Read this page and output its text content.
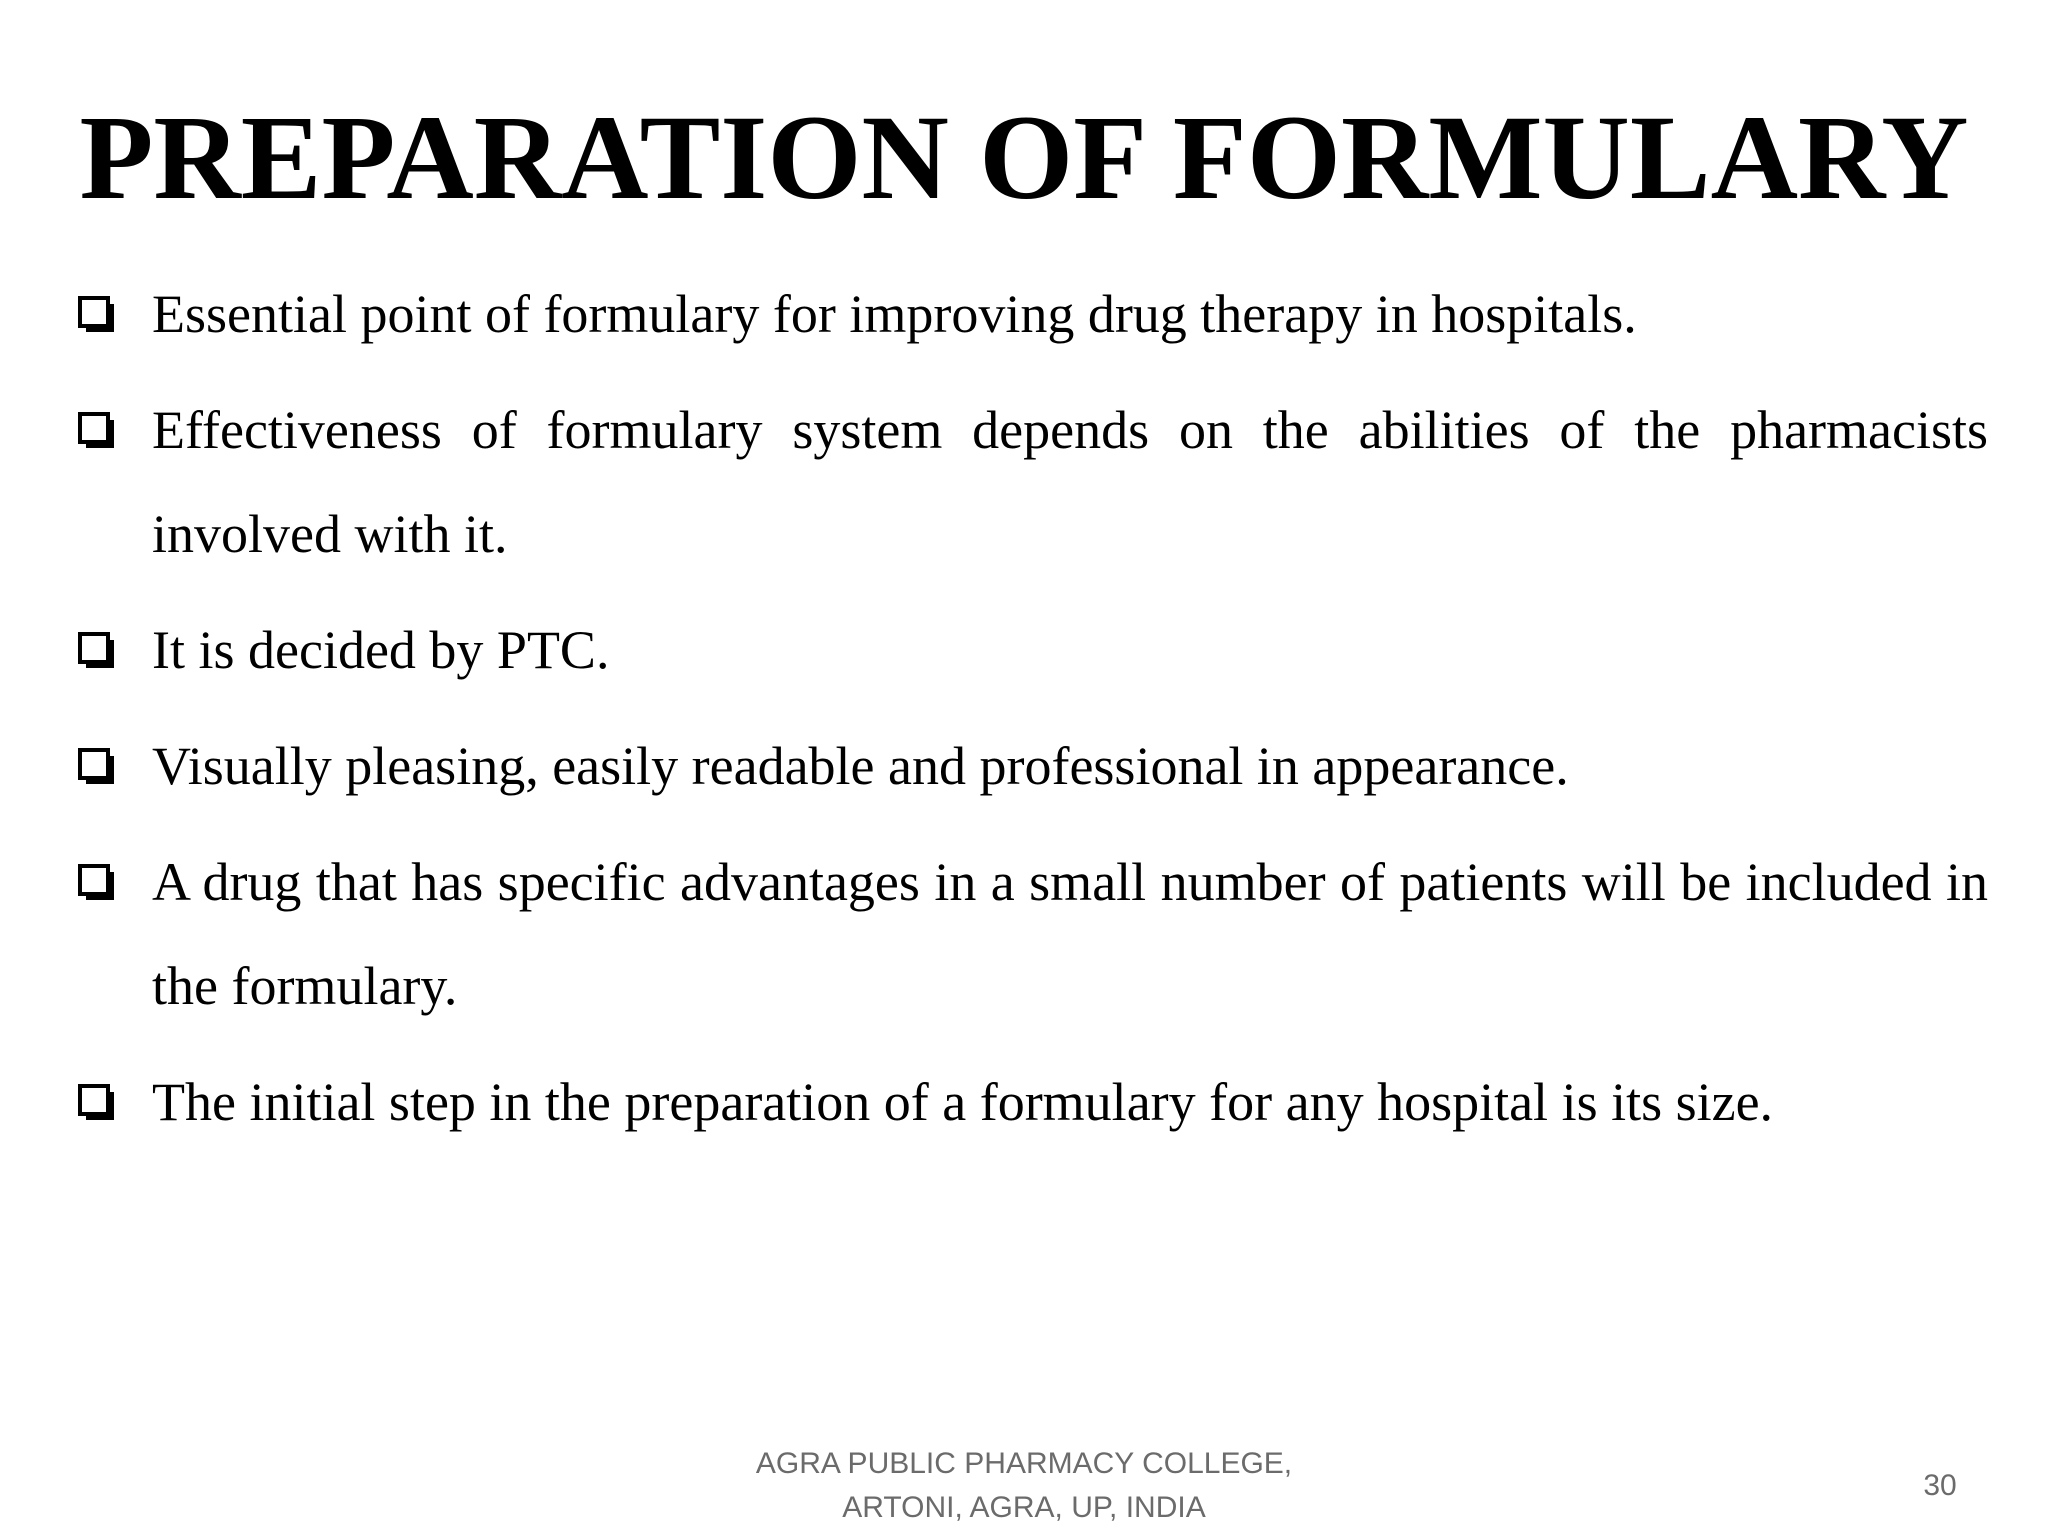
PREPARATION OF FORMULARY
Essential point of formulary for improving drug therapy in hospitals.
Effectiveness of formulary system depends on the abilities of the pharmacists involved with it.
It is decided by PTC.
Visually pleasing, easily readable and professional in appearance.
A drug that has specific advantages in a small number of patients will be included in the formulary.
The initial step in the preparation of a formulary for any hospital is its size.
AGRA PUBLIC PHARMACY COLLEGE,
ARTONI, AGRA, UP, INDIA
30
